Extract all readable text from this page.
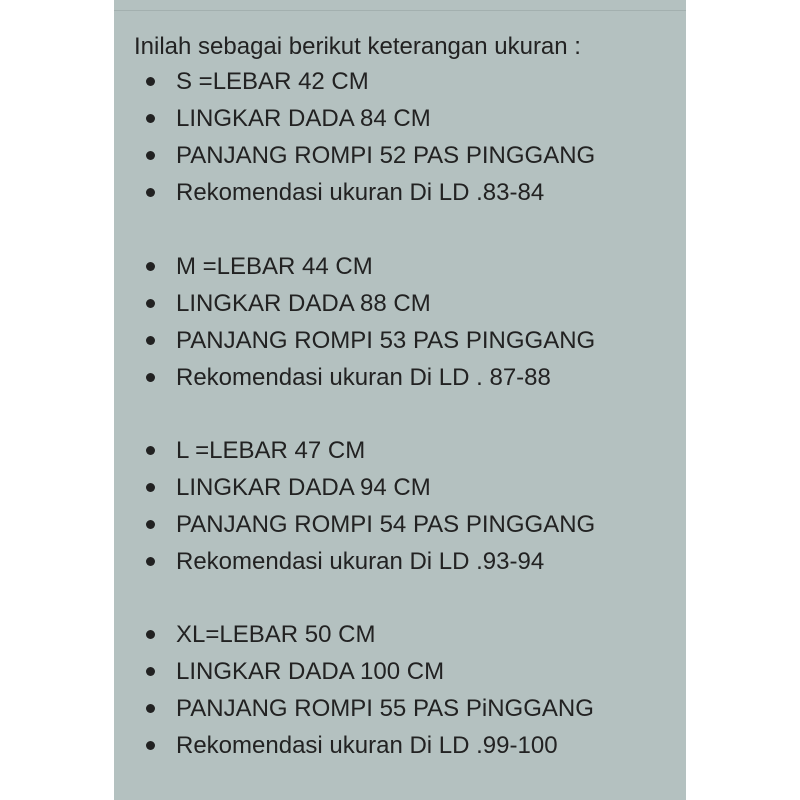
Inilah sebagai berikut keterangan ukuran :

S =LEBAR 42 CM
LINGKAR DADA 84 CM
PANJANG ROMPI 52 PAS PINGGANG
Rekomendasi ukuran Di LD .83-84
M =LEBAR 44 CM
LINGKAR DADA 88 CM
PANJANG ROMPI 53 PAS PINGGANG
Rekomendasi ukuran Di LD . 87-88
L =LEBAR 47 CM
LINGKAR DADA 94 CM
PANJANG ROMPI 54 PAS PINGGANG
Rekomendasi ukuran Di LD .93-94
XL=LEBAR 50 CM
LINGKAR DADA 100 CM
PANJANG ROMPI 55 PAS PiNGGANG
Rekomendasi ukuran Di LD .99-100
